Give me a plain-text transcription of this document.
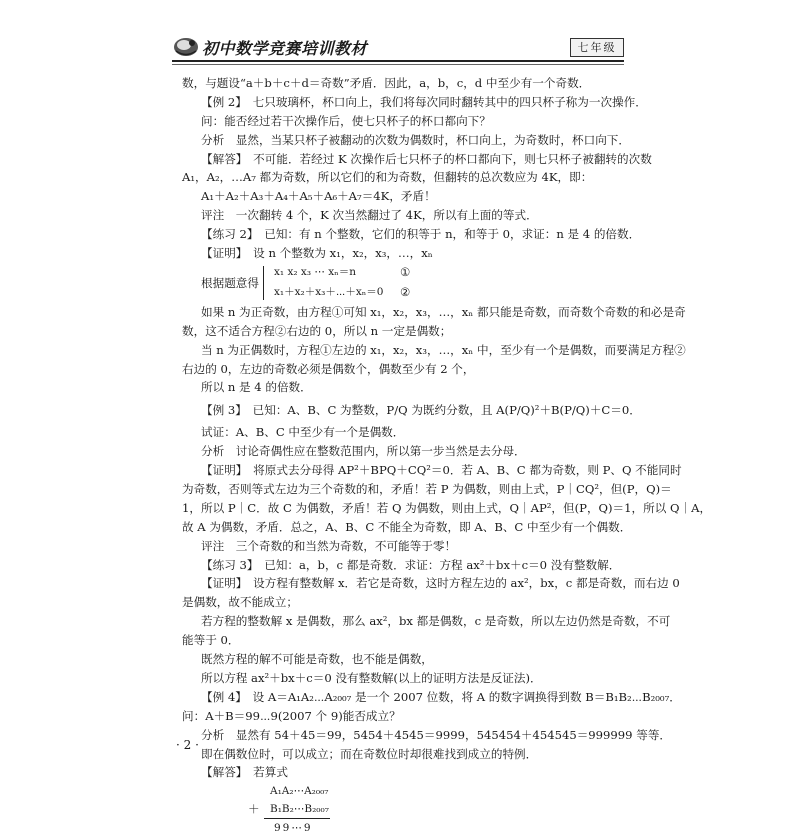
初中数学竞赛培训教材	七年级
数，与题设“a＋b＋c＋d＝奇数”矛盾．因此，a，b，c，d 中至少有一个奇数．
【例 2】　七只玻璃杯，杯口向上，我们将每次同时翻转其中的四只杯子称为一次操作．
问：能否经过若干次操作后，使七只杯子的杯口都向下？
分析　显然，当某只杯子被翻动的次数为偶数时，杯口向上，为奇数时，杯口向下．
【解答】　不可能．若经过 K 次操作后七只杯子的杯口都向下，则七只杯子被翻转的次数
A₁，A₂，…A₇ 都为奇数，所以它们的和为奇数，但翻转的总次数应为 4K，即：
A₁＋A₂＋A₃＋A₄＋A₅＋A₆＋A₇＝4K，矛盾！
评注　一次翻转 4 个，K 次当然翻过了 4K，所以有上面的等式．
【练习 2】　已知：有 n 个整数，它们的积等于 n，和等于 0，求证：n 是 4 的倍数．
【证明】　设 n 个整数为 x₁，x₂，x₃，…，xₙ
根据题意得
x₁ x₂ x₃ ⋯ xₙ＝n
x₁＋x₂＋x₃＋⋯＋xₙ＝0
①
②
如果 n 为正奇数，由方程①可知 x₁，x₂，x₃，…，xₙ 都只能是奇数，而奇数个奇数的和必是奇
数，这不适合方程②右边的 0，所以 n 一定是偶数；
当 n 为正偶数时，方程①左边的 x₁，x₂，x₃，…，xₙ 中，至少有一个是偶数，而要满足方程②
右边的 0，左边的奇数必须是偶数个，偶数至少有 2 个，
所以 n 是 4 的倍数．
【例 3】　已知：A、B、C 为整数，P/Q 为既约分数，且 A(P/Q)²＋B(P/Q)＋C＝0．
试证：A、B、C 中至少有一个是偶数．
分析　讨论奇偶性应在整数范围内，所以第一步当然是去分母．
【证明】　将原式去分母得 AP²＋BPQ＋CQ²＝0．若 A、B、C 都为奇数，则 P、Q 不能同时
为奇数，否则等式左边为三个奇数的和，矛盾！若 P 为偶数，则由上式，P｜CQ²，但(P，Q)＝
1，所以 P｜C．故 C 为偶数，矛盾！若 Q 为偶数，则由上式，Q｜AP²，但(P，Q)＝1，所以 Q｜A，
故 A 为偶数，矛盾．总之，A、B、C 不能全为奇数，即 A、B、C 中至少有一个偶数．
评注　三个奇数的和当然为奇数，不可能等于零！
【练习 3】　已知：a，b，c 都是奇数．求证：方程 ax²＋bx＋c＝0 没有整数解．
【证明】　设方程有整数解 x．若它是奇数，这时方程左边的 ax²，bx，c 都是奇数，而右边 0
是偶数，故不能成立；
若方程的整数解 x 是偶数，那么 ax²，bx 都是偶数，c 是奇数，所以左边仍然是奇数，不可
能等于 0．
既然方程的解不可能是奇数，也不能是偶数，
所以方程 ax²＋bx＋c＝0 没有整数解(以上的证明方法是反证法)．
【例 4】　设 A＝A₁A₂⋯A₂₀₀₇ 是一个 2007 位数，将 A 的数字调换得到数 B＝B₁B₂⋯B₂₀₀₇．
问：A＋B＝99⋯9(2007 个 9)能否成立？
分析　显然有 54＋45＝99，5454＋4545＝9999，545454＋454545＝999999 等等．
即在偶数位时，可以成立；而在奇数位时却很难找到成立的特例．
【解答】　若算式
A₁A₂⋯A₂₀₀₇
＋ B₁B₂⋯B₂₀₀₇
99⋯9
· 2 ·
